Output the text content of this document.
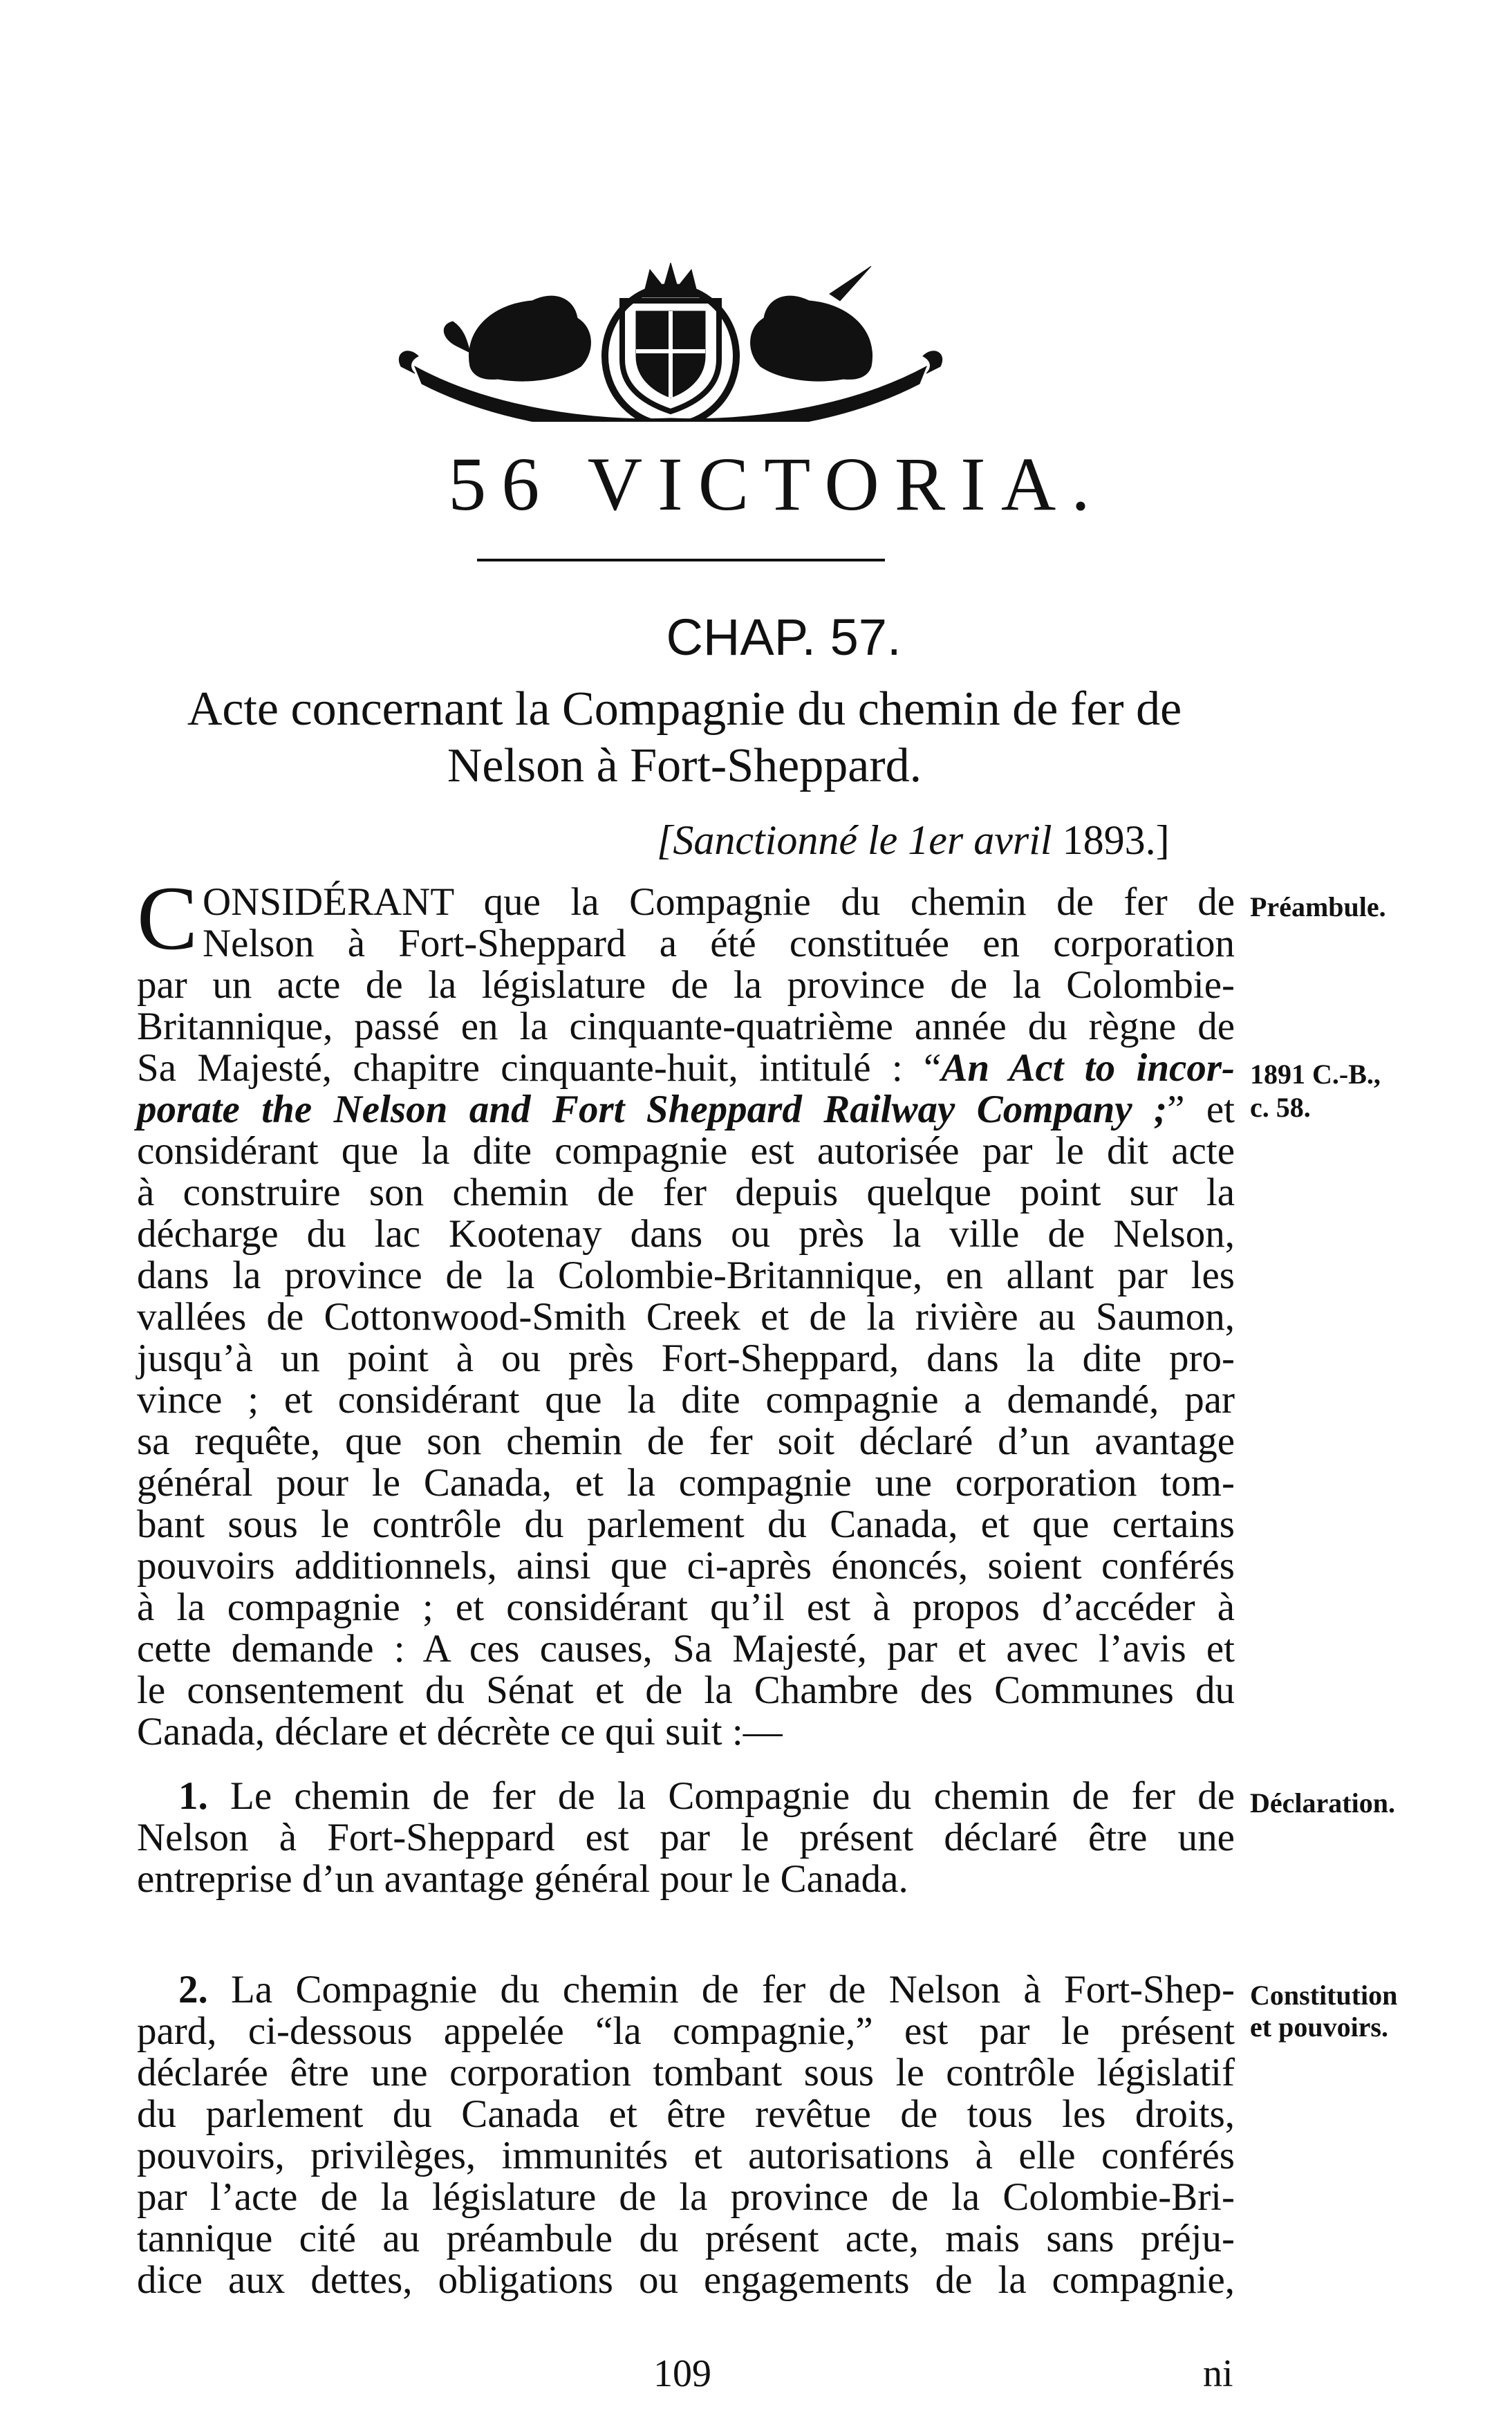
56 VICTORIA.
CHAP. 57.
Acte concernant la Compagnie du chemin de fer de
Nelson à Fort-Sheppard.
[Sanctionné le 1er avril 1893.]
C ONSIDÉRANT que la Compagnie du chemin de fer de
Nelson à Fort-Sheppard a été constituée en corporation
par un acte de la législature de la province de la Colombie-
Britannique, passé en la cinquante-quatrième année du règne de
Sa Majesté, chapitre cinquante-huit, intitulé : “An Act to incor-
porate the Nelson and Fort Sheppard Railway Company ;” et
considérant que la dite compagnie est autorisée par le dit acte
à construire son chemin de fer depuis quelque point sur la
décharge du lac Kootenay dans ou près la ville de Nelson,
dans la province de la Colombie-Britannique, en allant par les
vallées de Cottonwood-Smith Creek et de la rivière au Saumon,
jusqu’à un point à ou près Fort-Sheppard, dans la dite pro-
vince ; et considérant que la dite compagnie a demandé, par
sa requête, que son chemin de fer soit déclaré d’un avantage
général pour le Canada, et la compagnie une corporation tom-
bant sous le contrôle du parlement du Canada, et que certains
pouvoirs additionnels, ainsi que ci-après énoncés, soient conférés
à la compagnie ; et considérant qu’il est à propos d’accéder à
cette demande : A ces causes, Sa Majesté, par et avec l’avis et
le consentement du Sénat et de la Chambre des Communes du
Canada, déclare et décrète ce qui suit :—
Préambule.
1891 C.-B.,
c. 58.
1. Le chemin de fer de la Compagnie du chemin de fer de
Nelson à Fort-Sheppard est par le présent déclaré être une
entreprise d’un avantage général pour le Canada.
Déclaration.
2. La Compagnie du chemin de fer de Nelson à Fort-Shep-
pard, ci-dessous appelée “la compagnie,” est par le présent
déclarée être une corporation tombant sous le contrôle législatif
du parlement du Canada et être revêtue de tous les droits,
pouvoirs, privilèges, immunités et autorisations à elle conférés
par l’acte de la législature de la province de la Colombie-Bri-
tannique cité au préambule du présent acte, mais sans préju-
dice aux dettes, obligations ou engagements de la compagnie,
Constitution
et pouvoirs.
109	ni
